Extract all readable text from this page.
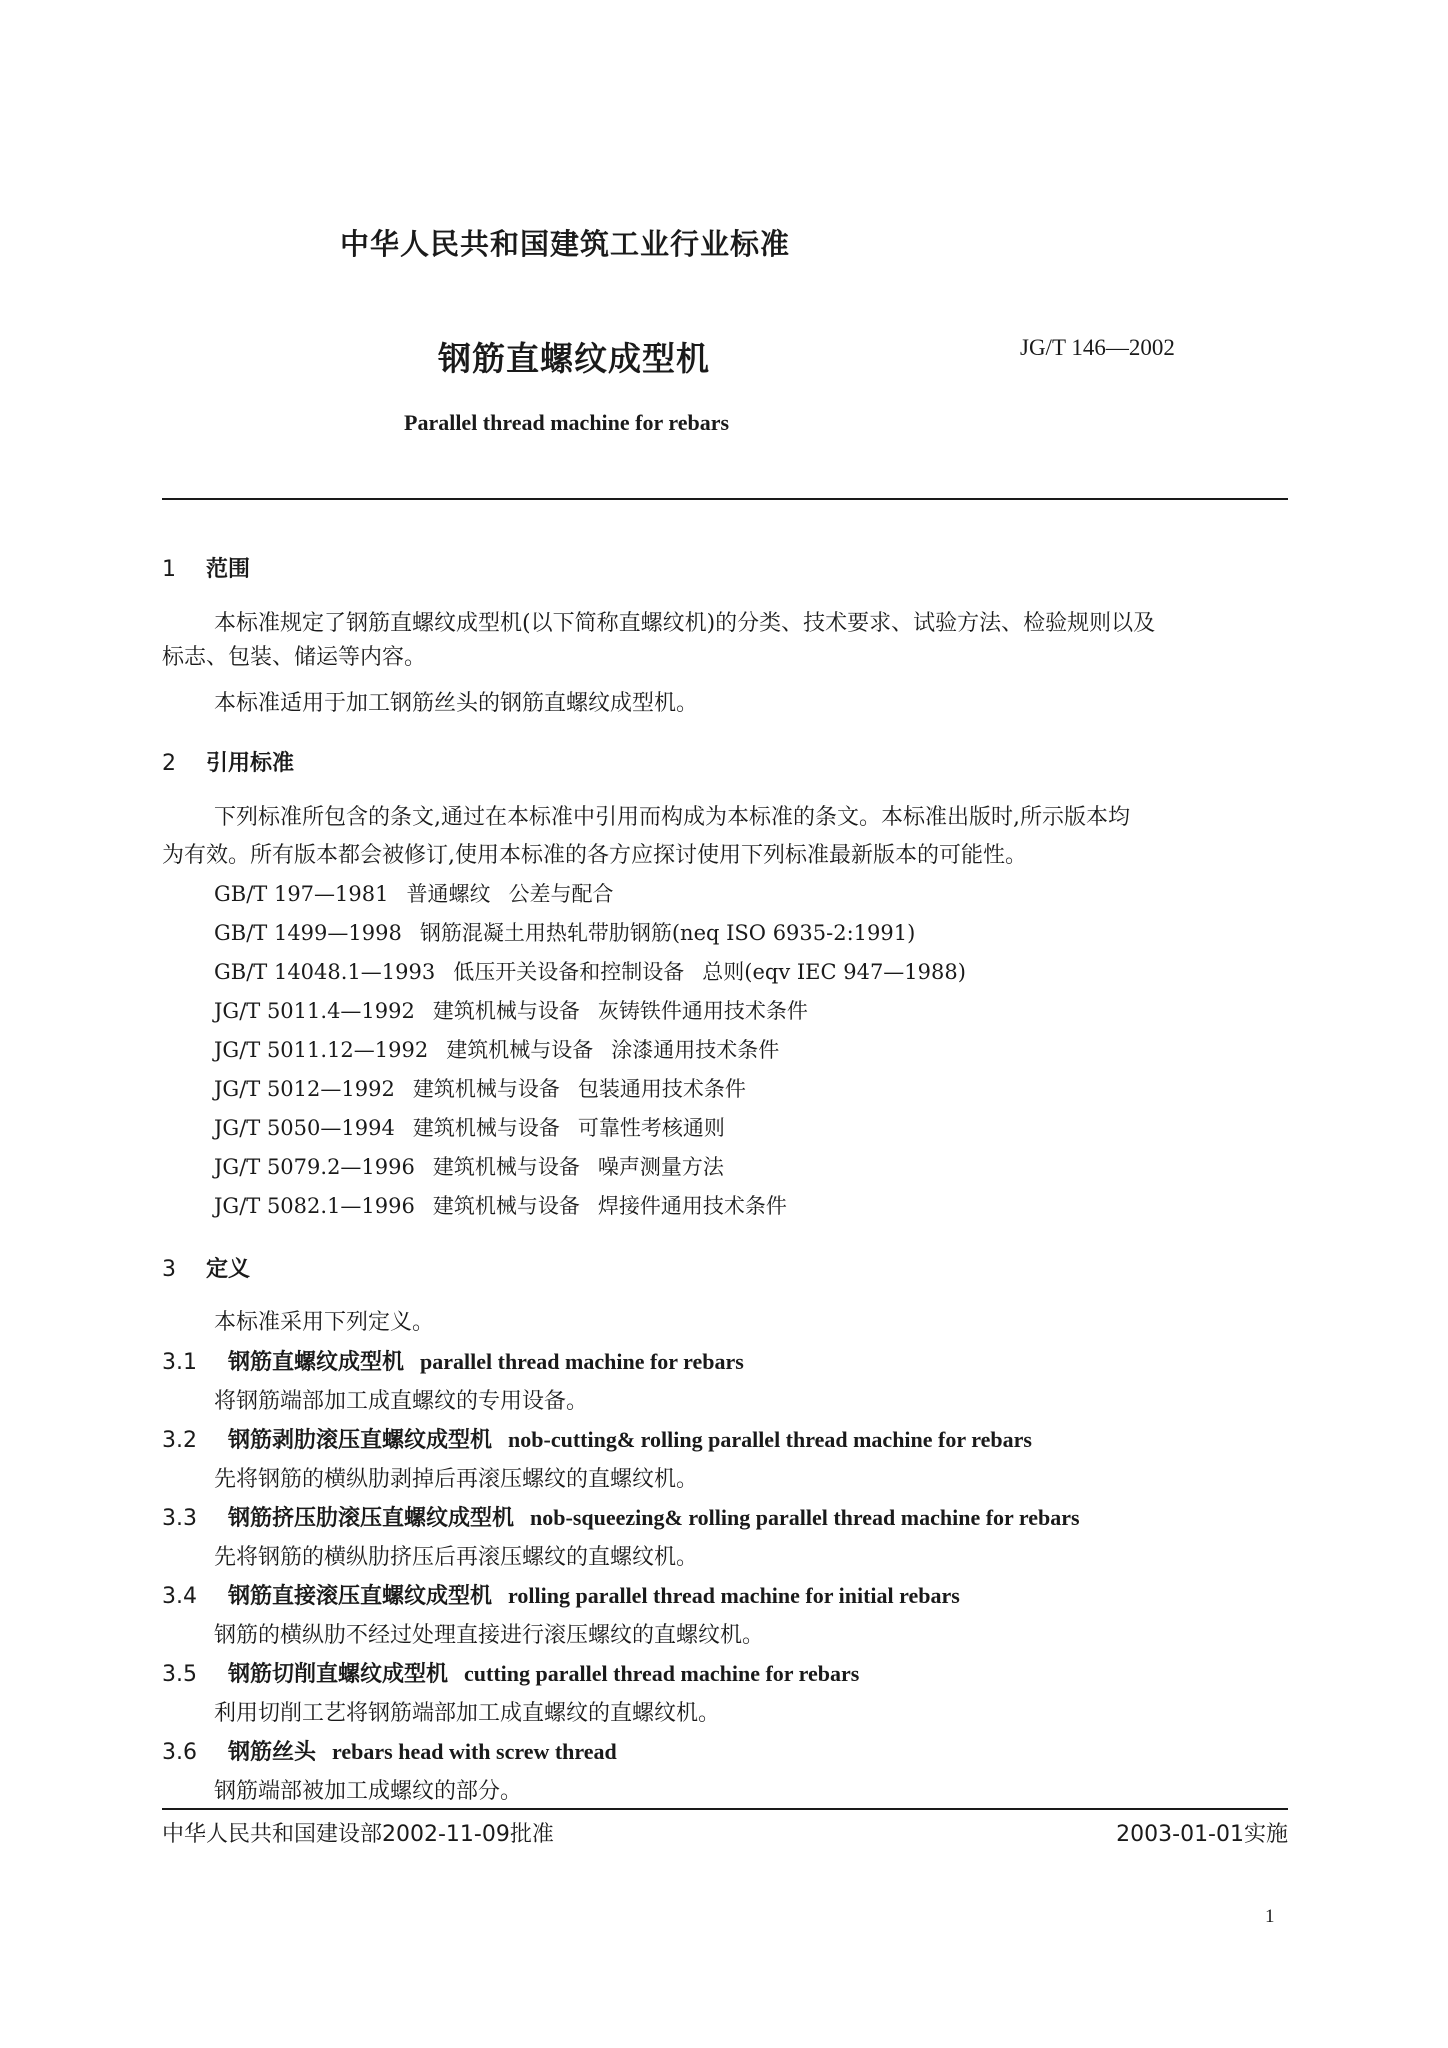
中华人民共和国建筑工业行业标准
钢筋直螺纹成型机	JG/T 146—2002
Parallel thread machine for rebars
1 范围
本标准规定了钢筋直螺纹成型机(以下简称直螺纹机)的分类、技术要求、试验方法、检验规则以及
标志、包装、储运等内容。
本标准适用于加工钢筋丝头的钢筋直螺纹成型机。
2 引用标准
下列标准所包含的条文,通过在本标准中引用而构成为本标准的条文。本标准出版时,所示版本均
为有效。所有版本都会被修订,使用本标准的各方应探讨使用下列标准最新版本的可能性。
GB/T 197—1981 普通螺纹 公差与配合
GB/T 1499—1998 钢筋混凝土用热轧带肋钢筋(neq ISO 6935-2:1991)
GB/T 14048.1—1993 低压开关设备和控制设备 总则(eqv IEC 947—1988)
JG/T 5011.4—1992 建筑机械与设备 灰铸铁件通用技术条件
JG/T 5011.12—1992 建筑机械与设备 涂漆通用技术条件
JG/T 5012—1992 建筑机械与设备 包装通用技术条件
JG/T 5050—1994 建筑机械与设备 可靠性考核通则
JG/T 5079.2—1996 建筑机械与设备 噪声测量方法
JG/T 5082.1—1996 建筑机械与设备 焊接件通用技术条件
3 定义
本标准采用下列定义。
3.1 钢筋直螺纹成型机 parallel thread machine for rebars
将钢筋端部加工成直螺纹的专用设备。
3.2 钢筋剥肋滚压直螺纹成型机 nob-cutting& rolling parallel thread machine for rebars
先将钢筋的横纵肋剥掉后再滚压螺纹的直螺纹机。
3.3 钢筋挤压肋滚压直螺纹成型机 nob-squeezing& rolling parallel thread machine for rebars
先将钢筋的横纵肋挤压后再滚压螺纹的直螺纹机。
3.4 钢筋直接滚压直螺纹成型机 rolling parallel thread machine for initial rebars
钢筋的横纵肋不经过处理直接进行滚压螺纹的直螺纹机。
3.5 钢筋切削直螺纹成型机 cutting parallel thread machine for rebars
利用切削工艺将钢筋端部加工成直螺纹的直螺纹机。
3.6 钢筋丝头 rebars head with screw thread
钢筋端部被加工成螺纹的部分。
中华人民共和国建设部2002-11-09批准	2003-01-01实施
1
